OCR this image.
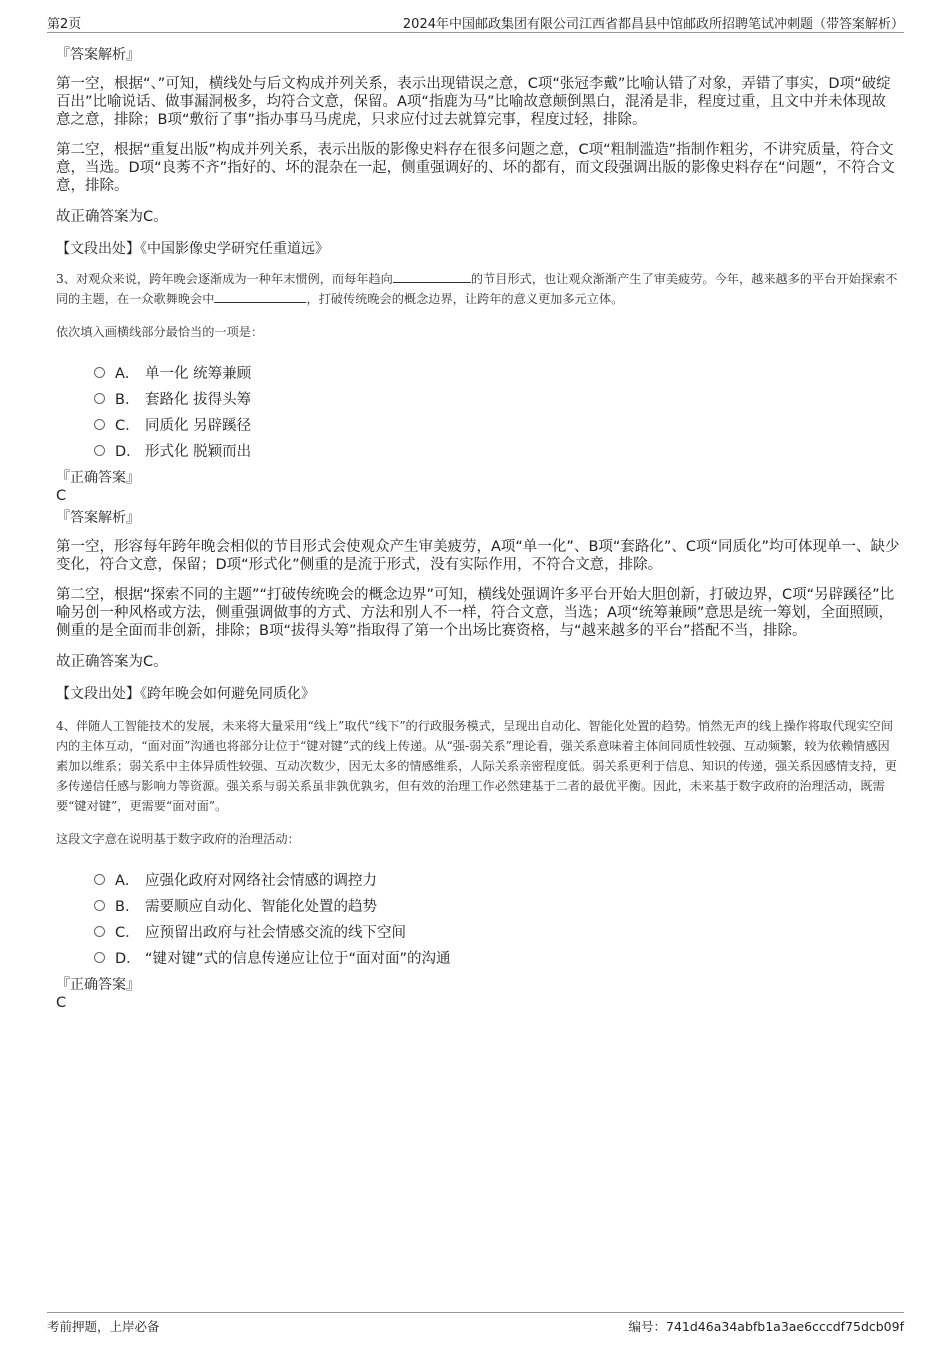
第2页	2024年中国邮政集团有限公司江西省都昌县中馆邮政所招聘笔试冲刺题（带答案解析）

『答案解析』

第一空，根据“、”可知，横线处与后文构成并列关系，表示出现错误之意，C项“张冠李戴”比喻认错了对象，弄错了事实，D项“破绽百出”比喻说话、做事漏洞极多，均符合文意，保留。A项“指鹿为马”比喻故意颠倒黑白，混淆是非，程度过重，且文中并未体现故意之意，排除；B项“敷衍了事”指办事马马虎虎，只求应付过去就算完事，程度过轻，排除。

第二空，根据“重复出版”构成并列关系，表示出版的影像史料存在很多问题之意，C项“粗制滥造”指制作粗劣，不讲究质量，符合文意，当选。D项“良莠不齐”指好的、坏的混杂在一起，侧重强调好的、坏的都有，而文段强调出版的影像史料存在“问题”，不符合文意，排除。

故正确答案为C。

【文段出处】《中国影像史学研究任重道远》

3、对观众来说，跨年晚会逐渐成为一种年末惯例，而每年趋向	的节目形式，也让观众渐渐产生了审美疲劳。今年，越来越多的平台开始探索不同的主题，在一众歌舞晚会中	，打破传统晚会的概念边界，让跨年的意义更加多元立体。

依次填入画横线部分最恰当的一项是：

A． 单一化 统筹兼顾
B． 套路化 拔得头筹
C． 同质化 另辟蹊径
D． 形式化 脱颖而出

『正确答案』

C

『答案解析』

第一空，形容每年跨年晚会相似的节目形式会使观众产生审美疲劳，A项“单一化”、B项“套路化”、C项“同质化”均可体现单一、缺少变化，符合文意，保留；D项“形式化”侧重的是流于形式，没有实际作用，不符合文意，排除。

第二空，根据“探索不同的主题”“打破传统晚会的概念边界”可知，横线处强调许多平台开始大胆创新，打破边界，C项“另辟蹊径”比喻另创一种风格或方法，侧重强调做事的方式、方法和别人不一样，符合文意，当选；A项“统筹兼顾”意思是统一筹划，全面照顾，侧重的是全面而非创新，排除；B项“拔得头筹”指取得了第一个出场比赛资格，与“越来越多的平台”搭配不当，排除。

故正确答案为C。

【文段出处】《跨年晚会如何避免同质化》

4、伴随人工智能技术的发展，未来将大量采用“线上”取代“线下”的行政服务模式，呈现出自动化、智能化处置的趋势。悄然无声的线上操作将取代现实空间内的主体互动，“面对面”沟通也将部分让位于“键对键”式的线上传递。从“强-弱关系”理论看，强关系意味着主体间同质性较强、互动频繁，较为依赖情感因素加以维系；弱关系中主体异质性较强、互动次数少，因无太多的情感维系，人际关系亲密程度低。弱关系更利于信息、知识的传递，强关系因感情支持，更多传递信任感与影响力等资源。强关系与弱关系虽非孰优孰劣，但有效的治理工作必然建基于二者的最优平衡。因此，未来基于数字政府的治理活动，既需要“键对键”，更需要“面对面”。

这段文字意在说明基于数字政府的治理活动：

A． 应强化政府对网络社会情感的调控力
B． 需要顺应自动化、智能化处置的趋势
C． 应预留出政府与社会情感交流的线下空间
D． “键对键”式的信息传递应让位于“面对面”的沟通

『正确答案』

C

考前押题，上岸必备	编号：741d46a34abfb1a3ae6cccdf75dcb09f
